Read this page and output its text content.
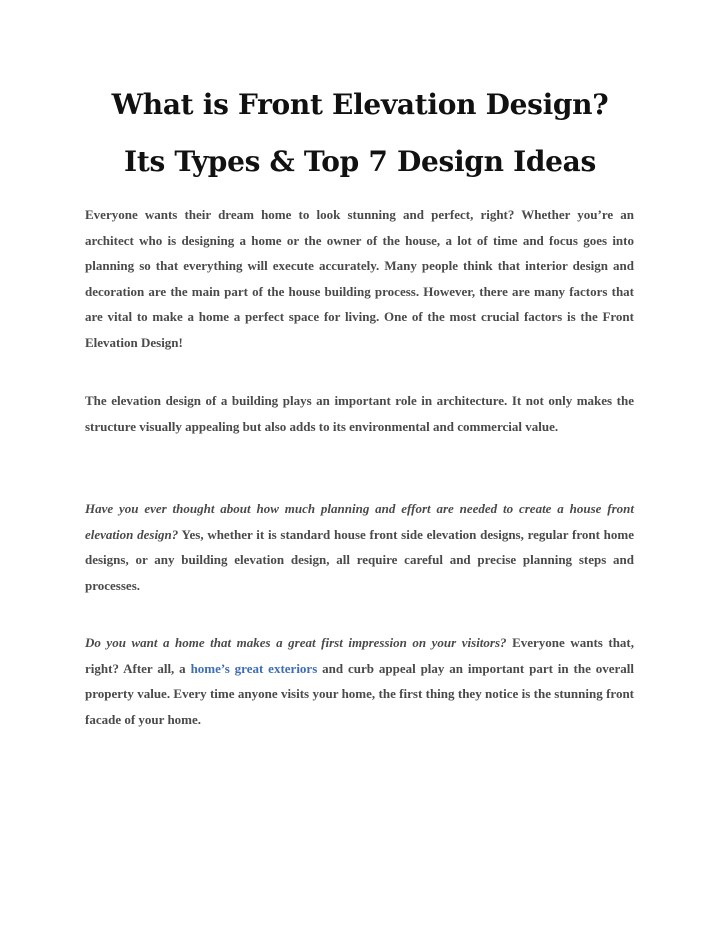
What is Front Elevation Design?
Its Types & Top 7 Design Ideas

Everyone wants their dream home to look stunning and perfect, right? Whether you’re an architect who is designing a home or the owner of the house, a lot of time and focus goes into planning so that everything will execute accurately. Many people think that interior design and decoration are the main part of the house building process. However, there are many factors that are vital to make a home a perfect space for living. One of the most crucial factors is the Front Elevation Design!

The elevation design of a building plays an important role in architecture. It not only makes the structure visually appealing but also adds to its environmental and commercial value.

Have you ever thought about how much planning and effort are needed to create a house front elevation design? Yes, whether it is standard house front side elevation designs, regular front home designs, or any building elevation design, all require careful and precise planning steps and processes.

Do you want a home that makes a great first impression on your visitors? Everyone wants that, right? After all, a home’s great exteriors and curb appeal play an important part in the overall property value. Every time anyone visits your home, the first thing they notice is the stunning front facade of your home.
